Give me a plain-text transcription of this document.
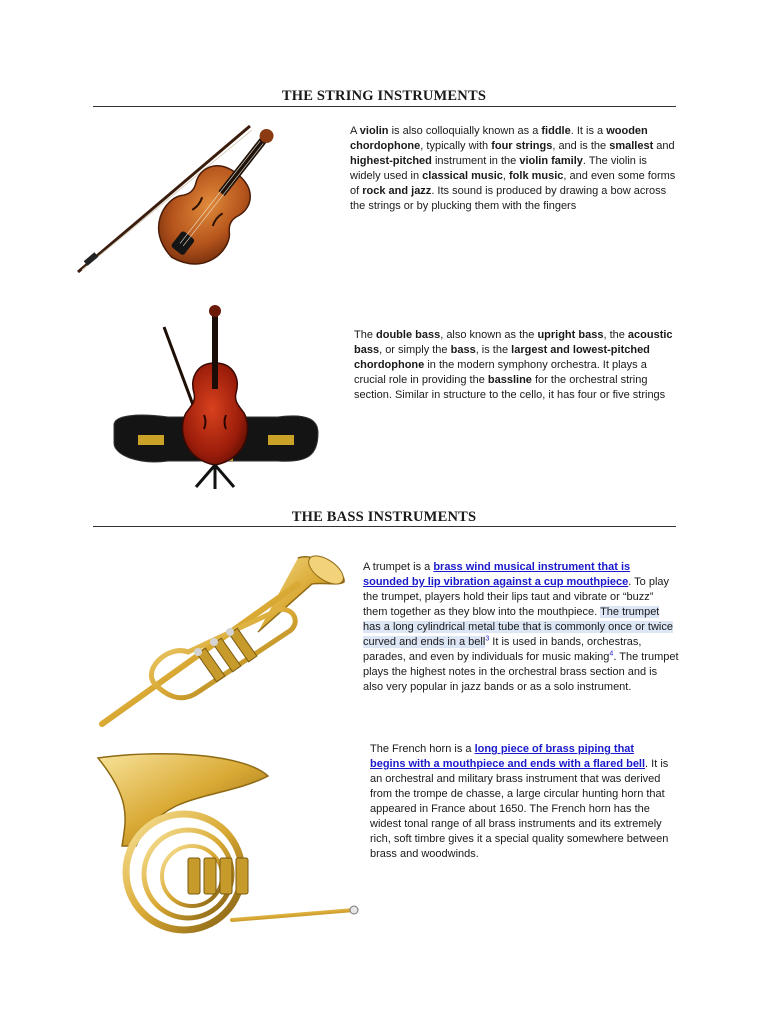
THE STRING INSTRUMENTS
A violin is also colloquially known as a fiddle. It is a wooden chordophone, typically with four strings, and is the smallest and highest-pitched instrument in the violin family. The violin is widely used in classical music, folk music, and even some forms of rock and jazz. Its sound is produced by drawing a bow across the strings or by plucking them with the fingers
The double bass, also known as the upright bass, the acoustic bass, or simply the bass, is the largest and lowest-pitched chordophone in the modern symphony orchestra. It plays a crucial role in providing the bassline for the orchestral string section. Similar in structure to the cello, it has four or five strings
THE BASS INSTRUMENTS
A trumpet is a brass wind musical instrument that is sounded by lip vibration against a cup mouthpiece. To play the trumpet, players hold their lips taut and vibrate or “buzz” them together as they blow into the mouthpiece. The trumpet has a long cylindrical metal tube that is commonly once or twice curved and ends in a bell$^3$ It is used in bands, orchestras, parades, and even by individuals for music making$^4$. The trumpet plays the highest notes in the orchestral brass section and is also very popular in jazz bands or as a solo instrument.
The French horn is a long piece of brass piping that begins with a mouthpiece and ends with a flared bell. It is an orchestral and military brass instrument that was derived from the trompe de chasse, a large circular hunting horn that appeared in France about 1650. The French horn has the widest tonal range of all brass instruments and its extremely rich, soft timbre gives it a special quality somewhere between brass and woodwinds.
